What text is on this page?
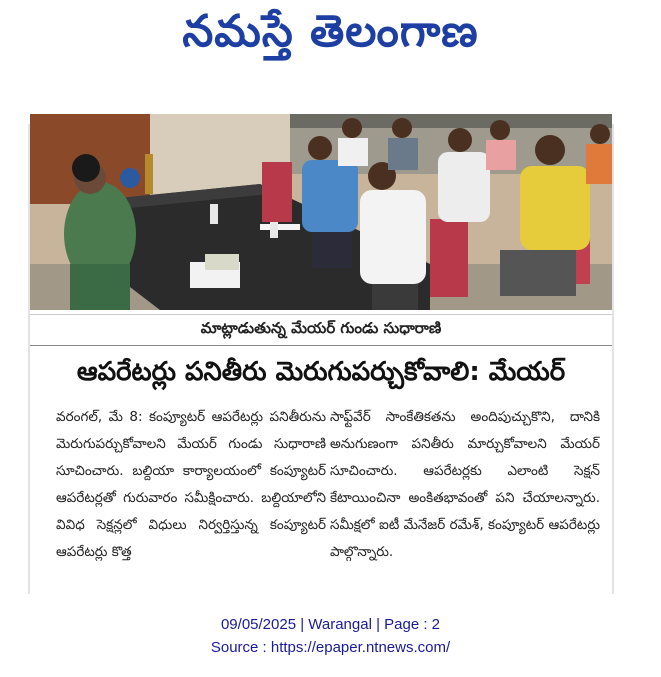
నమస్తే తెలంగాణ
మాట్లాడుతున్న మేయర్ గుండు సుధారాణి
ఆపరేటర్లు పనితీరు మెరుగుపర్చుకోవాలి: మేయర్

వరంగల్, మే 8: కంప్యూటర్ ఆపరేటర్లు పనితీరును మెరుగుపర్చుకోవాలని మేయర్ గుండు సుధారాణి సూచించారు. బల్దియా కార్యాలయంలో కంప్యూటర్ ఆపరేటర్లతో గురువారం సమీక్షించారు. బల్దియాలోని వివిధ సెక్షన్లలో విధులు నిర్వర్తిస్తున్న కంప్యూటర్ ఆపరేటర్లు కొత్త

సాఫ్ట్‌వేర్ సాంకేతికతను అందిపుచ్చుకొని, దానికి అనుగుణంగా పనితీరు మార్చుకోవాలని మేయర్ సూచించారు. ఆపరేటర్లకు ఎలాంటి సెక్షన్ కేటాయించినా అంకితభావంతో పని చేయాలన్నారు. సమీక్షలో ఐటీ మేనేజర్ రమేశ్, కంప్యూటర్ ఆపరేటర్లు పాల్గొన్నారు.

09/05/2025 | Warangal | Page : 2
Source : https://epaper.ntnews.com/
